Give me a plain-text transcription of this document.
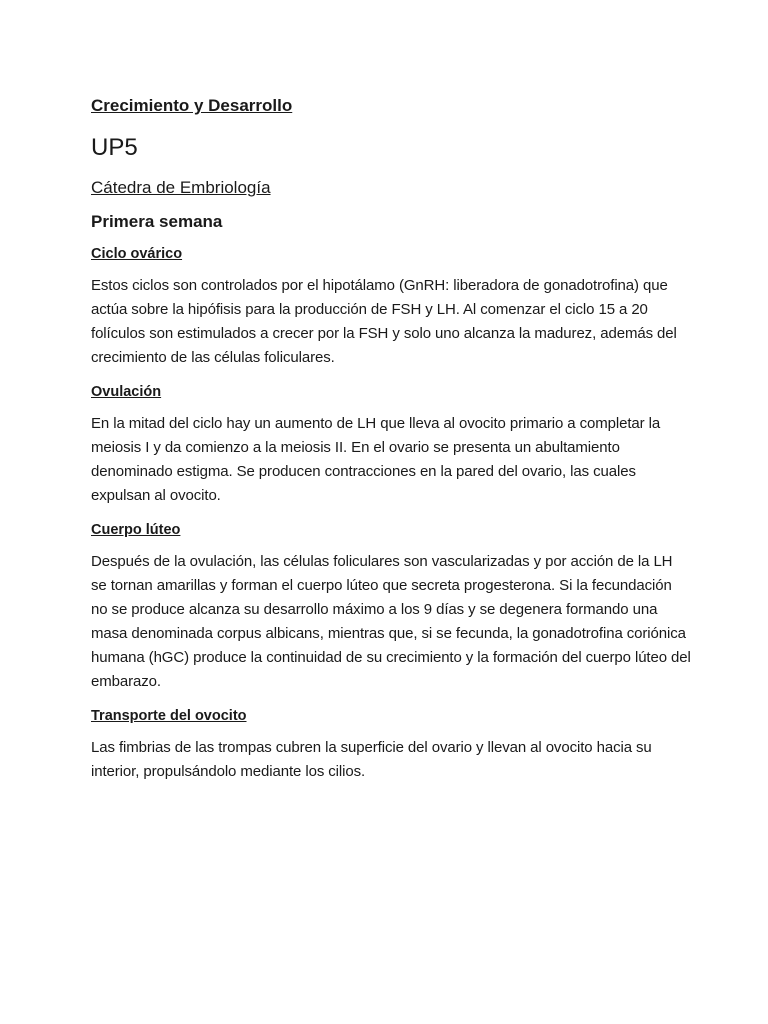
Crecimiento y Desarrollo
UP5
Cátedra de Embriología
Primera semana
Ciclo ovárico

Estos ciclos son controlados por el hipotálamo (GnRH: liberadora de gonadotrofina) que actúa sobre la hipófisis para la producción de FSH y LH. Al comenzar el ciclo 15 a 20 folículos son estimulados a crecer por la FSH y solo uno alcanza la madurez, además del crecimiento de las células foliculares.

Ovulación

En la mitad del ciclo hay un aumento de LH que lleva al ovocito primario a completar la meiosis I y da comienzo a la meiosis II. En el ovario se presenta un abultamiento denominado estigma. Se producen contracciones en la pared del ovario, las cuales expulsan al ovocito.

Cuerpo lúteo

Después de la ovulación, las células foliculares son vascularizadas y por acción de la LH se tornan amarillas y forman el cuerpo lúteo que secreta progesterona. Si la fecundación no se produce alcanza su desarrollo máximo a los 9 días y se degenera formando una masa denominada corpus albicans, mientras que, si se fecunda, la gonadotrofina coriónica humana (hGC) produce la continuidad de su crecimiento y la formación del cuerpo lúteo del embarazo.

Transporte del ovocito

Las fimbrias de las trompas cubren la superficie del ovario y llevan al ovocito hacia su interior, propulsándolo mediante los cilios.
